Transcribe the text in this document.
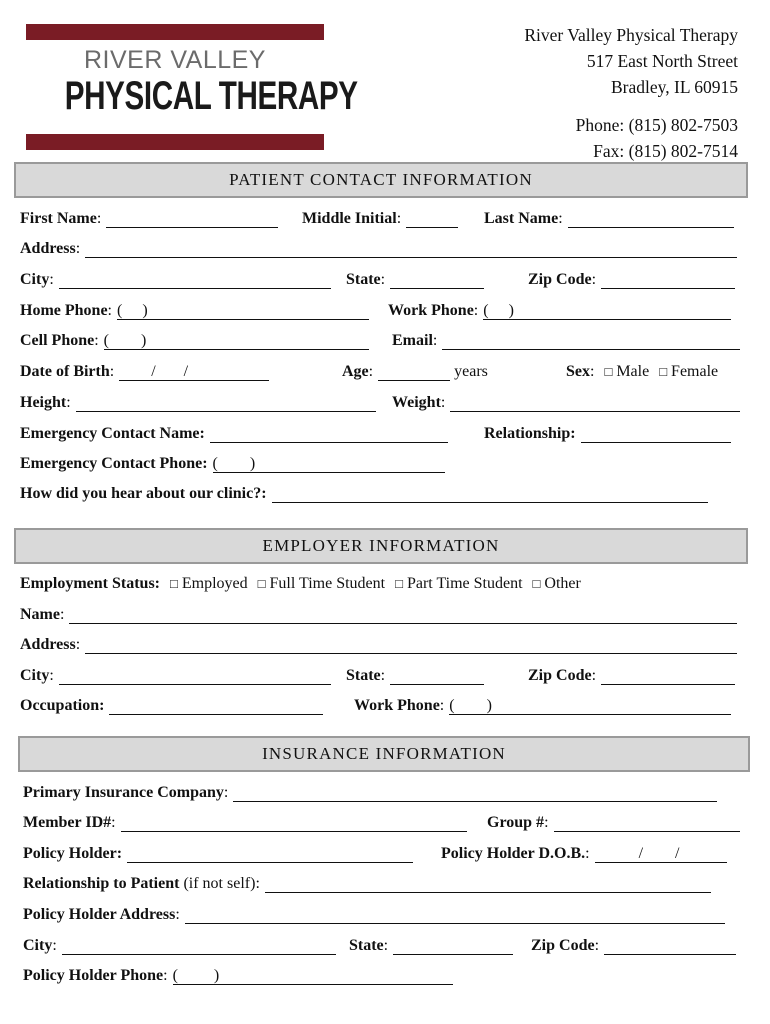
RIVER VALLEY
PHYSICAL THERAPY
River Valley Physical Therapy
517 East North Street
Bradley, IL 60915
Phone: (815) 802-7503
Fax: (815) 802-7514
PATIENT CONTACT INFORMATION
First Name:	Middle Initial:	Last Name:
Address:
City:	State:	Zip Code:
Home Phone: (     )	Work Phone: (     )
Cell Phone: (        )	Email:
Date of Birth: /       /	Age:	years	Sex: □ Male □ Female
Height:	Weight:
Emergency Contact Name:	Relationship:
Emergency Contact Phone: (        )
How did you hear about our clinic?:
EMPLOYER INFORMATION
Employment Status: □ Employed □ Full Time Student □ Part Time Student □ Other
Name:
Address:
City:	State:	Zip Code:
Occupation:	Work Phone: (        )
INSURANCE INFORMATION
Primary Insurance Company:
Member ID#:	Group #:
Policy Holder:	Policy Holder D.O.B.: /        /
Relationship to Patient (if not self):
Policy Holder Address:
City:	State:	Zip Code:
Policy Holder Phone: (         )
